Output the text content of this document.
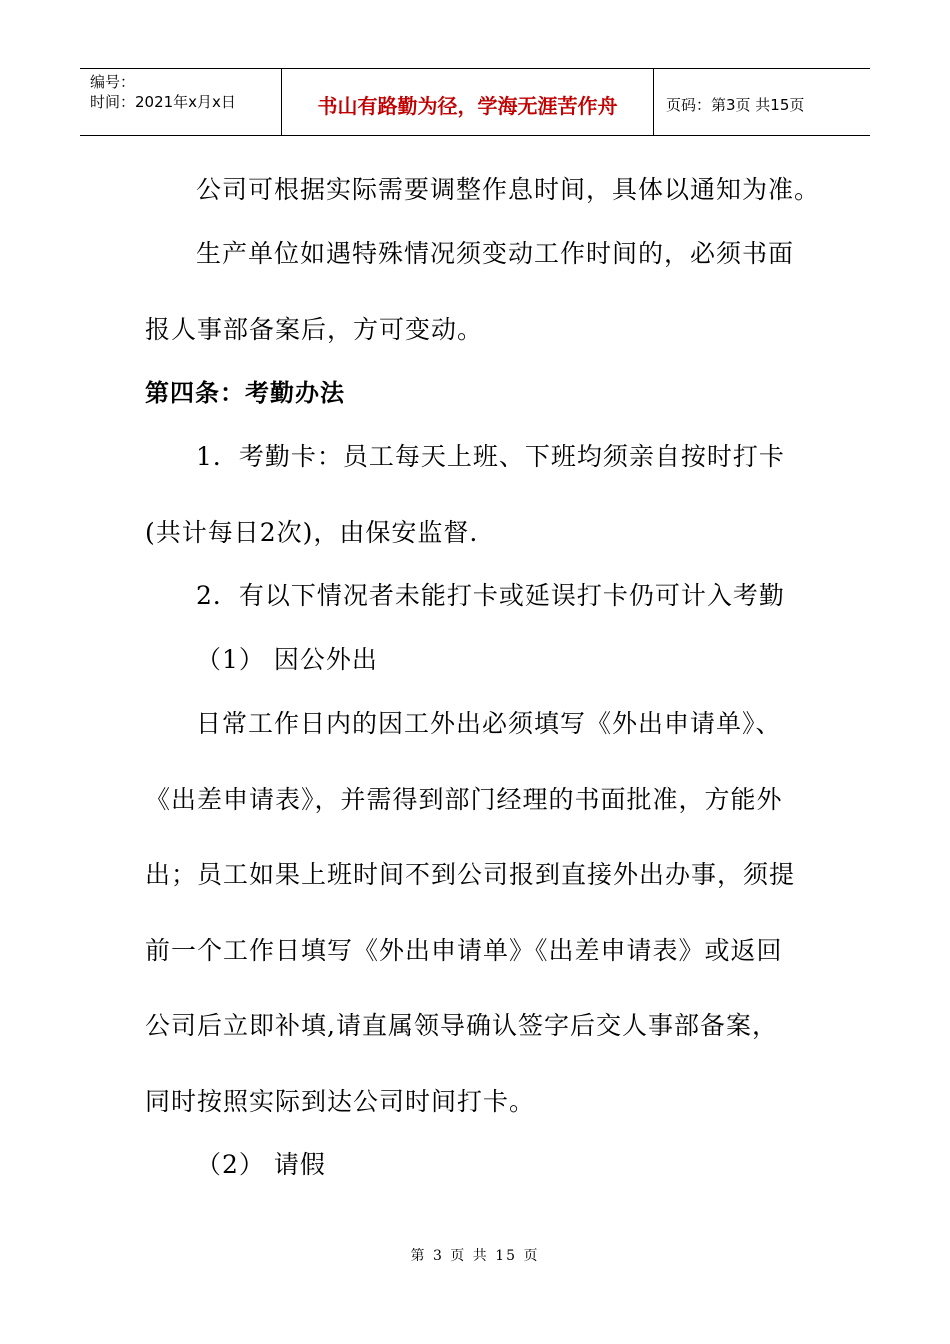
编号：
时间：2021年x月x日	书山有路勤为径，学海无涯苦作舟	页码：第3页 共15页
公司可根据实际需要调整作息时间，具体以通知为准。
生产单位如遇特殊情况须变动工作时间的，必须书面
报人事部备案后，方可变动。
第四条：考勤办法
1．考勤卡：员工每天上班、下班均须亲自按时打卡
(共计每日2次)，由保安监督.
2．有以下情况者未能打卡或延误打卡仍可计入考勤
（1） 因公外出
日常工作日内的因工外出必须填写《外出申请单》、
《出差申请表》，并需得到部门经理的书面批准，方能外
出；员工如果上班时间不到公司报到直接外出办事，须提
前一个工作日填写《外出申请单》《出差申请表》或返回
公司后立即补填,请直属领导确认签字后交人事部备案，
同时按照实际到达公司时间打卡。
（2） 请假
第 3 页 共 15 页
